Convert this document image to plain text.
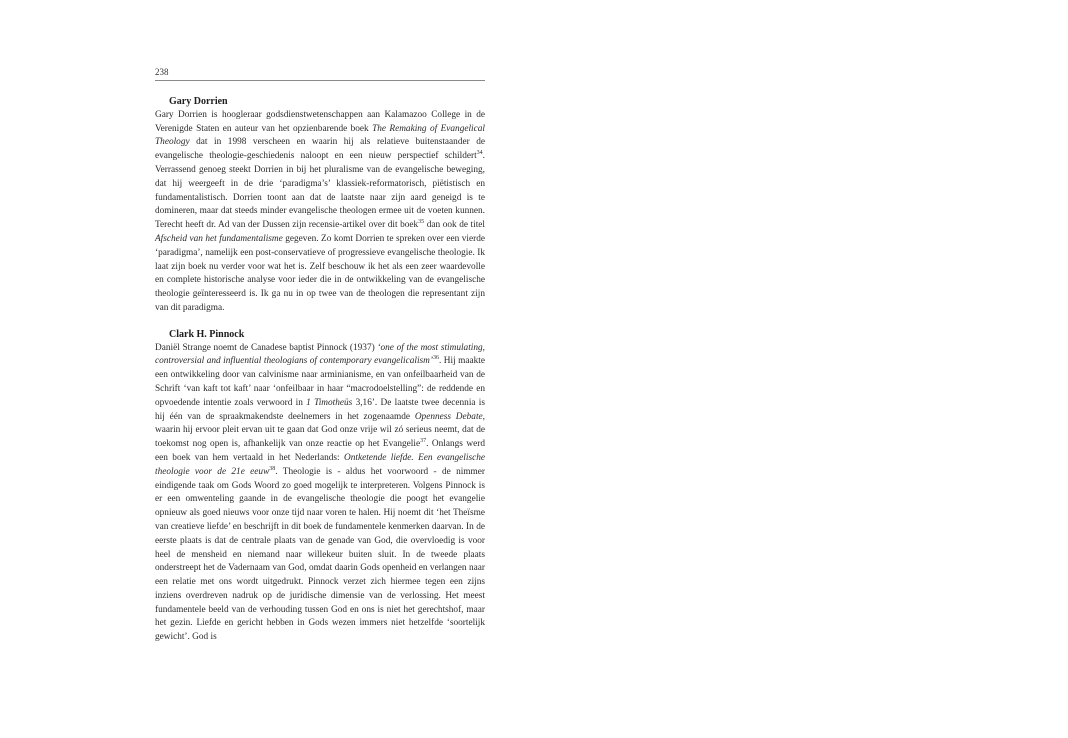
238
Gary Dorrien

Gary Dorrien is hoogleraar godsdienstwetenschappen aan Kalamazoo College in de Verenigde Staten en auteur van het opzienbarende boek The Remaking of Evangelical Theology dat in 1998 verscheen en waarin hij als relatieve buitenstaander de evangelische theologie-geschiedenis naloopt en een nieuw perspectief schildert$^{34}$. Verrassend genoeg steekt Dorrien in bij het pluralisme van de evangelische beweging, dat hij weergeeft in de drie ‘paradigma’s’ klassiek-reformatorisch, piëtistisch en fundamentalistisch. Dorrien toont aan dat de laatste naar zijn aard geneigd is te domineren, maar dat steeds minder evangelische theologen ermee uit de voeten kunnen. Terecht heeft dr. Ad van der Dussen zijn recensie-artikel over dit boek$^{35}$ dan ook de titel Afscheid van het fundamentalisme gegeven. Zo komt Dorrien te spreken over een vierde ‘paradigma’, namelijk een post-conservatieve of progressieve evangelische theologie. Ik laat zijn boek nu verder voor wat het is. Zelf beschouw ik het als een zeer waardevolle en complete historische analyse voor ieder die in de ontwikkeling van de evangelische theologie geïnteresseerd is. Ik ga nu in op twee van de theologen die representant zijn van dit paradigma.

Clark H. Pinnock

Daniël Strange noemt de Canadese baptist Pinnock (1937) ‘one of the most stimulating, controversial and influential theologians of contemporary evangelicalism’$^{36}$. Hij maakte een ontwikkeling door van calvinisme naar arminianisme, en van onfeilbaarheid van de Schrift ‘van kaft tot kaft’ naar ‘onfeilbaar in haar “macrodoelstelling”: de reddende en opvoedende intentie zoals verwoord in 1 Timotheüs 3,16’. De laatste twee decennia is hij één van de spraakmakendste deelnemers in het zogenaamde Openness Debate, waarin hij ervoor pleit ervan uit te gaan dat God onze vrije wil zó serieus neemt, dat de toekomst nog open is, afhankelijk van onze reactie op het Evangelie$^{37}$. Onlangs werd een boek van hem vertaald in het Nederlands: Ontketende liefde. Een evangelische theologie voor de 21e eeuw$^{38}$. Theologie is - aldus het voorwoord - de nimmer eindigende taak om Gods Woord zo goed mogelijk te interpreteren. Volgens Pinnock is er een omwenteling gaande in de evangelische theologie die poogt het evangelie opnieuw als goed nieuws voor onze tijd naar voren te halen. Hij noemt dit ‘het Theïsme van creatieve liefde’ en beschrijft in dit boek de fundamentele kenmerken daarvan. In de eerste plaats is dat de centrale plaats van de genade van God, die overvloedig is voor heel de mensheid en niemand naar willekeur buiten sluit. In de tweede plaats onderstreept het de Vadernaam van God, omdat daarin Gods openheid en verlangen naar een relatie met ons wordt uitgedrukt. Pinnock verzet zich hiermee tegen een zijns inziens overdreven nadruk op de juridische dimensie van de verlossing. Het meest fundamentele beeld van de verhouding tussen God en ons is niet het gerechtshof, maar het gezin. Liefde en gericht hebben in Gods wezen immers niet hetzelfde ‘soortelijk gewicht’. God is
